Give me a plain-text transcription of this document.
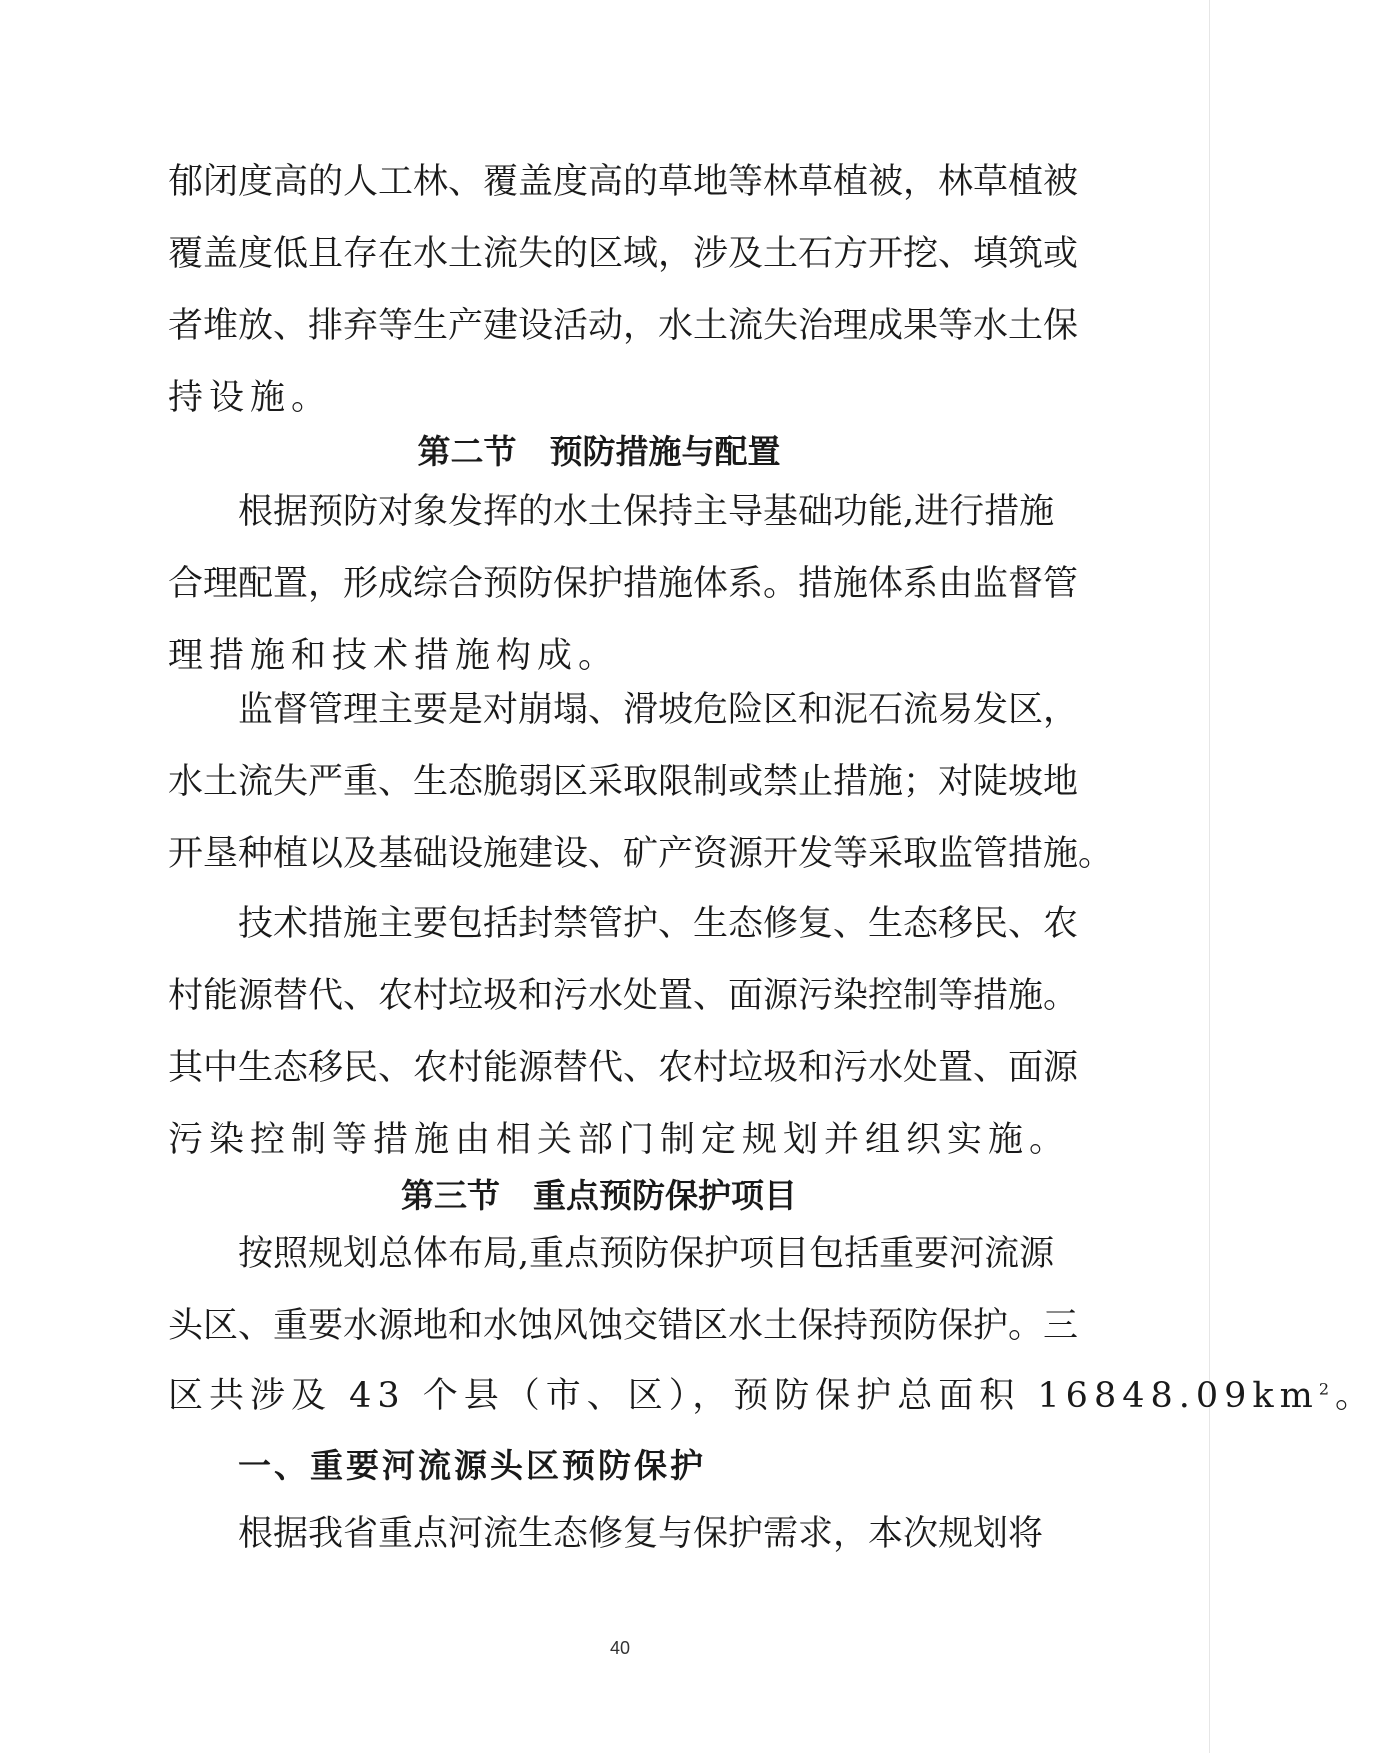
郁闭度高的人工林、覆盖度高的草地等林草植被，林草植被
覆盖度低且存在水土流失的区域，涉及土石方开挖、填筑或
者堆放、排弃等生产建设活动，水土流失治理成果等水土保
持设施。
第二节　预防措施与配置
根据预防对象发挥的水土保持主导基础功能,进行措施
合理配置，形成综合预防保护措施体系。措施体系由监督管
理措施和技术措施构成。
监督管理主要是对崩塌、滑坡危险区和泥石流易发区，
水土流失严重、生态脆弱区采取限制或禁止措施；对陡坡地
开垦种植以及基础设施建设、矿产资源开发等采取监管措施。
技术措施主要包括封禁管护、生态修复、生态移民、农
村能源替代、农村垃圾和污水处置、面源污染控制等措施。
其中生态移民、农村能源替代、农村垃圾和污水处置、面源
污染控制等措施由相关部门制定规划并组织实施。
第三节　重点预防保护项目
按照规划总体布局,重点预防保护项目包括重要河流源
头区、重要水源地和水蚀风蚀交错区水土保持预防保护。三
区共涉及 43 个县（市、区），预防保护总面积 $16848.09km^2$。
一、重要河流源头区预防保护
根据我省重点河流生态修复与保护需求，本次规划将
40
